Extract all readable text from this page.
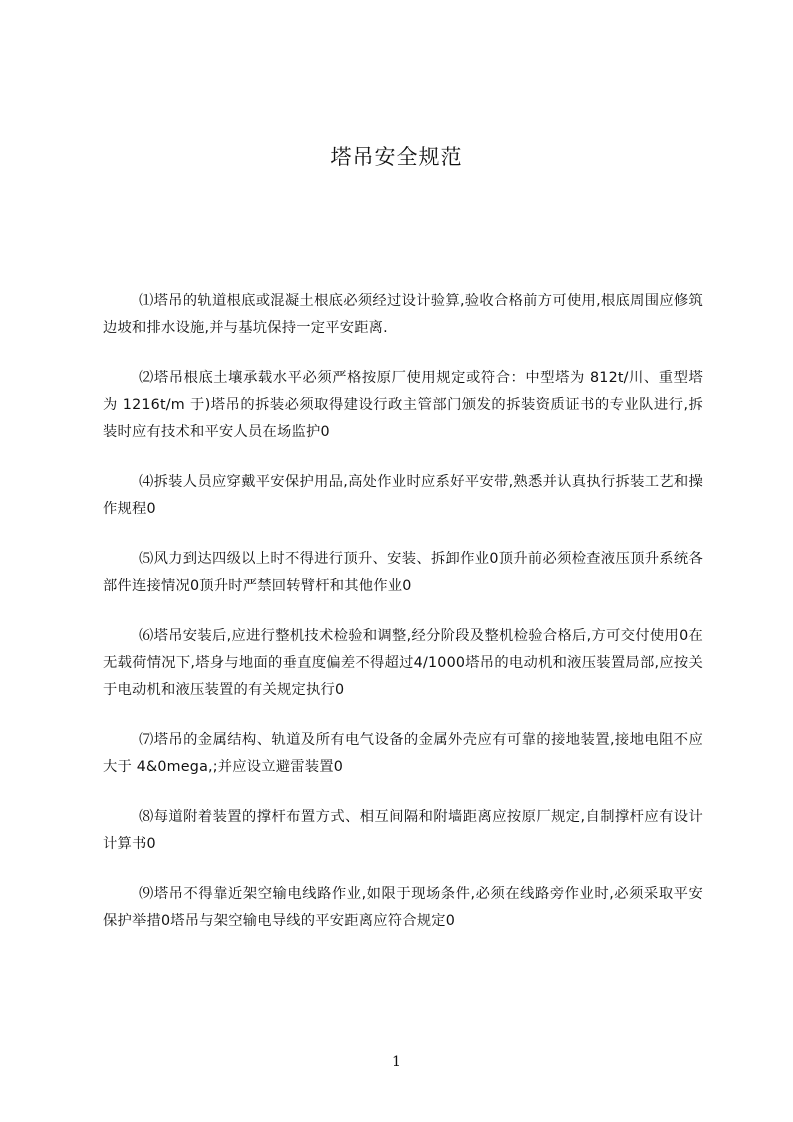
塔吊安全规范

⑴塔吊的轨道根底或混凝土根底必须经过设计验算,验收合格前方可使用,根底周围应修筑边坡和排水设施,并与基坑保持一定平安距离.

⑵塔吊根底土壤承载水平必须严格按原厂使用规定或符合：中型塔为 812t/川、重型塔为 1216t/m 于)塔吊的拆装必须取得建设行政主管部门颁发的拆装资质证书的专业队进行,拆装时应有技术和平安人员在场监护0

⑷拆装人员应穿戴平安保护用品,高处作业时应系好平安带,熟悉并认真执行拆装工艺和操作规程0

⑸风力到达四级以上时不得进行顶升、安装、拆卸作业0顶升前必须检查液压顶升系统各部件连接情况0顶升时严禁回转臂杆和其他作业0

⑹塔吊安装后,应进行整机技术检验和调整,经分阶段及整机检验合格后,方可交付使用0在无载荷情况下,塔身与地面的垂直度偏差不得超过4/1000塔吊的电动机和液压装置局部,应按关于电动机和液压装置的有关规定执行0

⑺塔吊的金属结构、轨道及所有电气设备的金属外壳应有可靠的接地装置,接地电阻不应大于 4&0mega,;并应设立避雷装置0

⑻每道附着装置的撑杆布置方式、相互间隔和附墙距离应按原厂规定,自制撑杆应有设计计算书0

⑼塔吊不得靠近架空输电线路作业,如限于现场条件,必须在线路旁作业时,必须采取平安保护举措0塔吊与架空输电导线的平安距离应符合规定0

1
